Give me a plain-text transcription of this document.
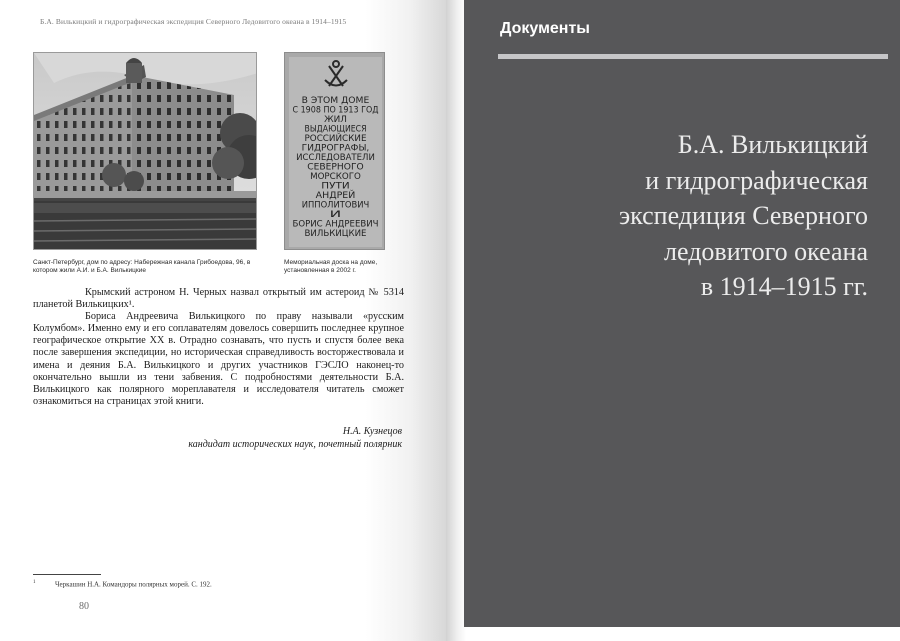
Б.А. Вилькицкий и гидрографическая экспедиция Северного Ледовитого океана в 1914–1915
В ЭТОМ ДОМЕ
С 1908 ПО 1913 ГОД
ЖИЛ
ВЫДАЮЩИЕСЯ
РОССИЙСКИЕ
ГИДРОГРАФЫ,
ИССЛЕДОВАТЕЛИ
СЕВЕРНОГО
МОРСКОГО
ПУТИ
АНДРЕЙ
ИППОЛИТОВИЧ
И
БОРИС АНДРЕЕВИЧ
ВИЛЬКИЦКИЕ
Санкт-Петербург, дом по адресу: Набережная канала Грибоедова, 96, в котором жили А.И. и Б.А. Вилькицкие
Мемориальная доска на доме, установленная в 2002 г.

Крымский астроном Н. Черных назвал открытый им астероид № 5314 планетой Вилькицких¹.

Бориса Андреевича Вилькицкого по праву называли «русским Колумбом». Именно ему и его соплавателям довелось совершить последнее крупное географическое открытие XX в. Отрадно сознавать, что пусть и спустя более века после завершения экспедиции, но историческая справедливость восторжествовала и имена и деяния Б.А. Вилькицкого и других участников ГЭСЛО наконец-то окончательно вышли из тени забвения. С подробностями деятельности Б.А. Вилькицкого как полярного мореплавателя и исследователя читатель сможет ознакомиться на страницах этой книги.

Н.А. Кузнецов
кандидат исторических наук, почетный полярник
$^1$	Черкашин Н.А. Командоры полярных морей. С. 192.
80
Документы
Б.А. Вилькицкий
и гидрографическая
экспедиция Северного
ледовитого океана
в 1914–1915 гг.
